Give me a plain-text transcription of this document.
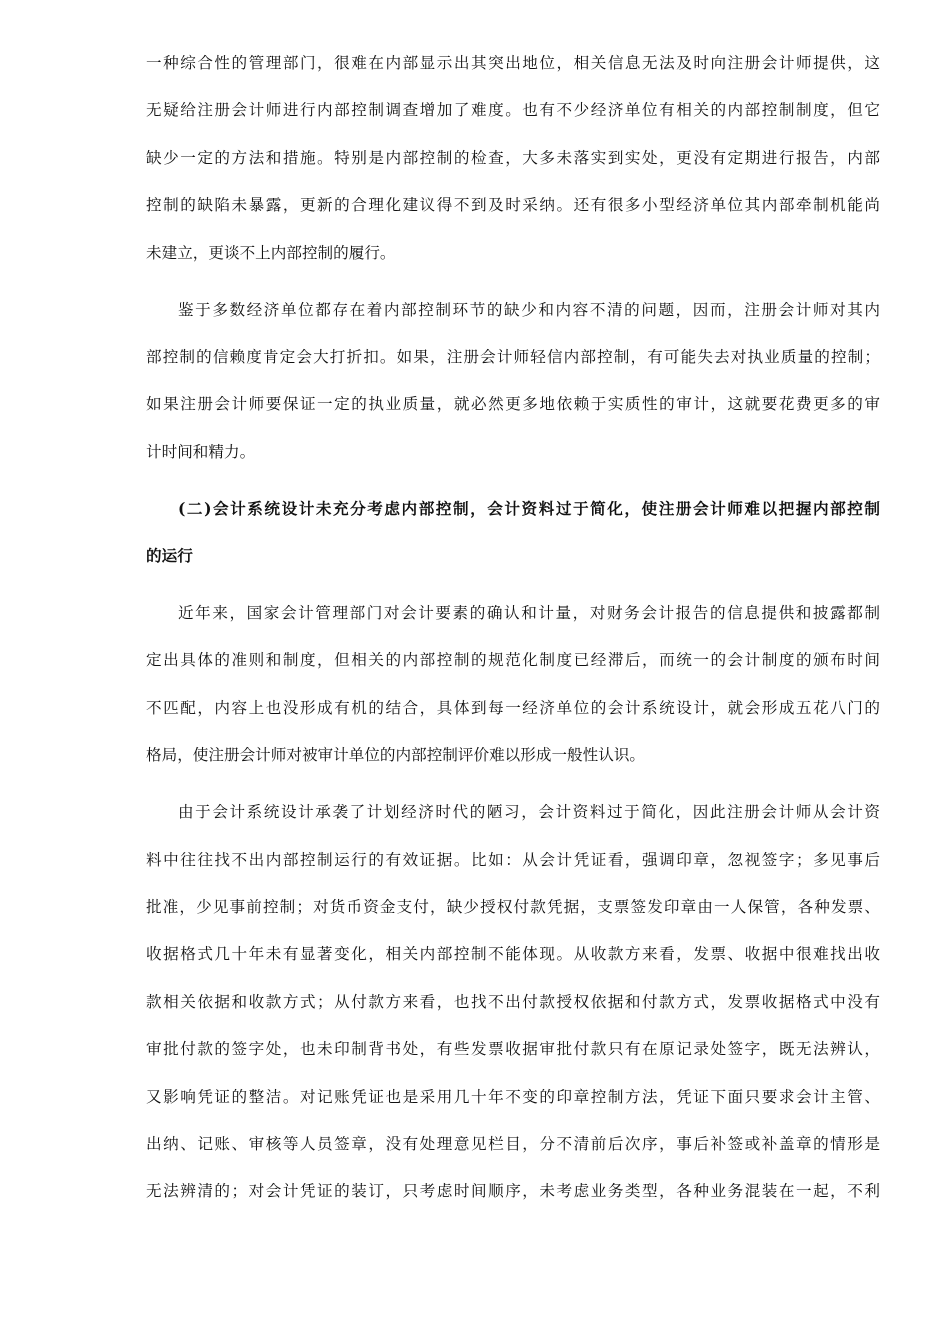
一种综合性的管理部门，很难在内部显示出其突出地位，相关信息无法及时向注册会计师提供，这
无疑给注册会计师进行内部控制调查增加了难度。也有不少经济单位有相关的内部控制制度，但它
缺少一定的方法和措施。特别是内部控制的检查，大多未落实到实处，更没有定期进行报告，内部
控制的缺陷未暴露，更新的合理化建议得不到及时采纳。还有很多小型经济单位其内部牵制机能尚
未建立，更谈不上内部控制的履行。
鉴于多数经济单位都存在着内部控制环节的缺少和内容不清的问题，因而，注册会计师对其内
部控制的信赖度肯定会大打折扣。如果，注册会计师轻信内部控制，有可能失去对执业质量的控制；
如果注册会计师要保证一定的执业质量，就必然更多地依赖于实质性的审计，这就要花费更多的审
计时间和精力。
(二)会计系统设计未充分考虑内部控制，会计资料过于简化，使注册会计师难以把握内部控制
的运行
近年来，国家会计管理部门对会计要素的确认和计量，对财务会计报告的信息提供和披露都制
定出具体的准则和制度，但相关的内部控制的规范化制度已经滞后，而统一的会计制度的颁布时间
不匹配，内容上也没形成有机的结合，具体到每一经济单位的会计系统设计，就会形成五花八门的
格局，使注册会计师对被审计单位的内部控制评价难以形成一般性认识。
由于会计系统设计承袭了计划经济时代的陋习，会计资料过于简化，因此注册会计师从会计资
料中往往找不出内部控制运行的有效证据。比如：从会计凭证看，强调印章，忽视签字；多见事后
批准，少见事前控制；对货币资金支付，缺少授权付款凭据，支票签发印章由一人保管，各种发票、
收据格式几十年未有显著变化，相关内部控制不能体现。从收款方来看，发票、收据中很难找出收
款相关依据和收款方式；从付款方来看，也找不出付款授权依据和付款方式，发票收据格式中没有
审批付款的签字处，也未印制背书处，有些发票收据审批付款只有在原记录处签字，既无法辨认，
又影响凭证的整洁。对记账凭证也是采用几十年不变的印章控制方法，凭证下面只要求会计主管、
出纳、记账、审核等人员签章，没有处理意见栏目，分不清前后次序，事后补签或补盖章的情形是
无法辨清的；对会计凭证的装订，只考虑时间顺序，未考虑业务类型，各种业务混装在一起，不利
